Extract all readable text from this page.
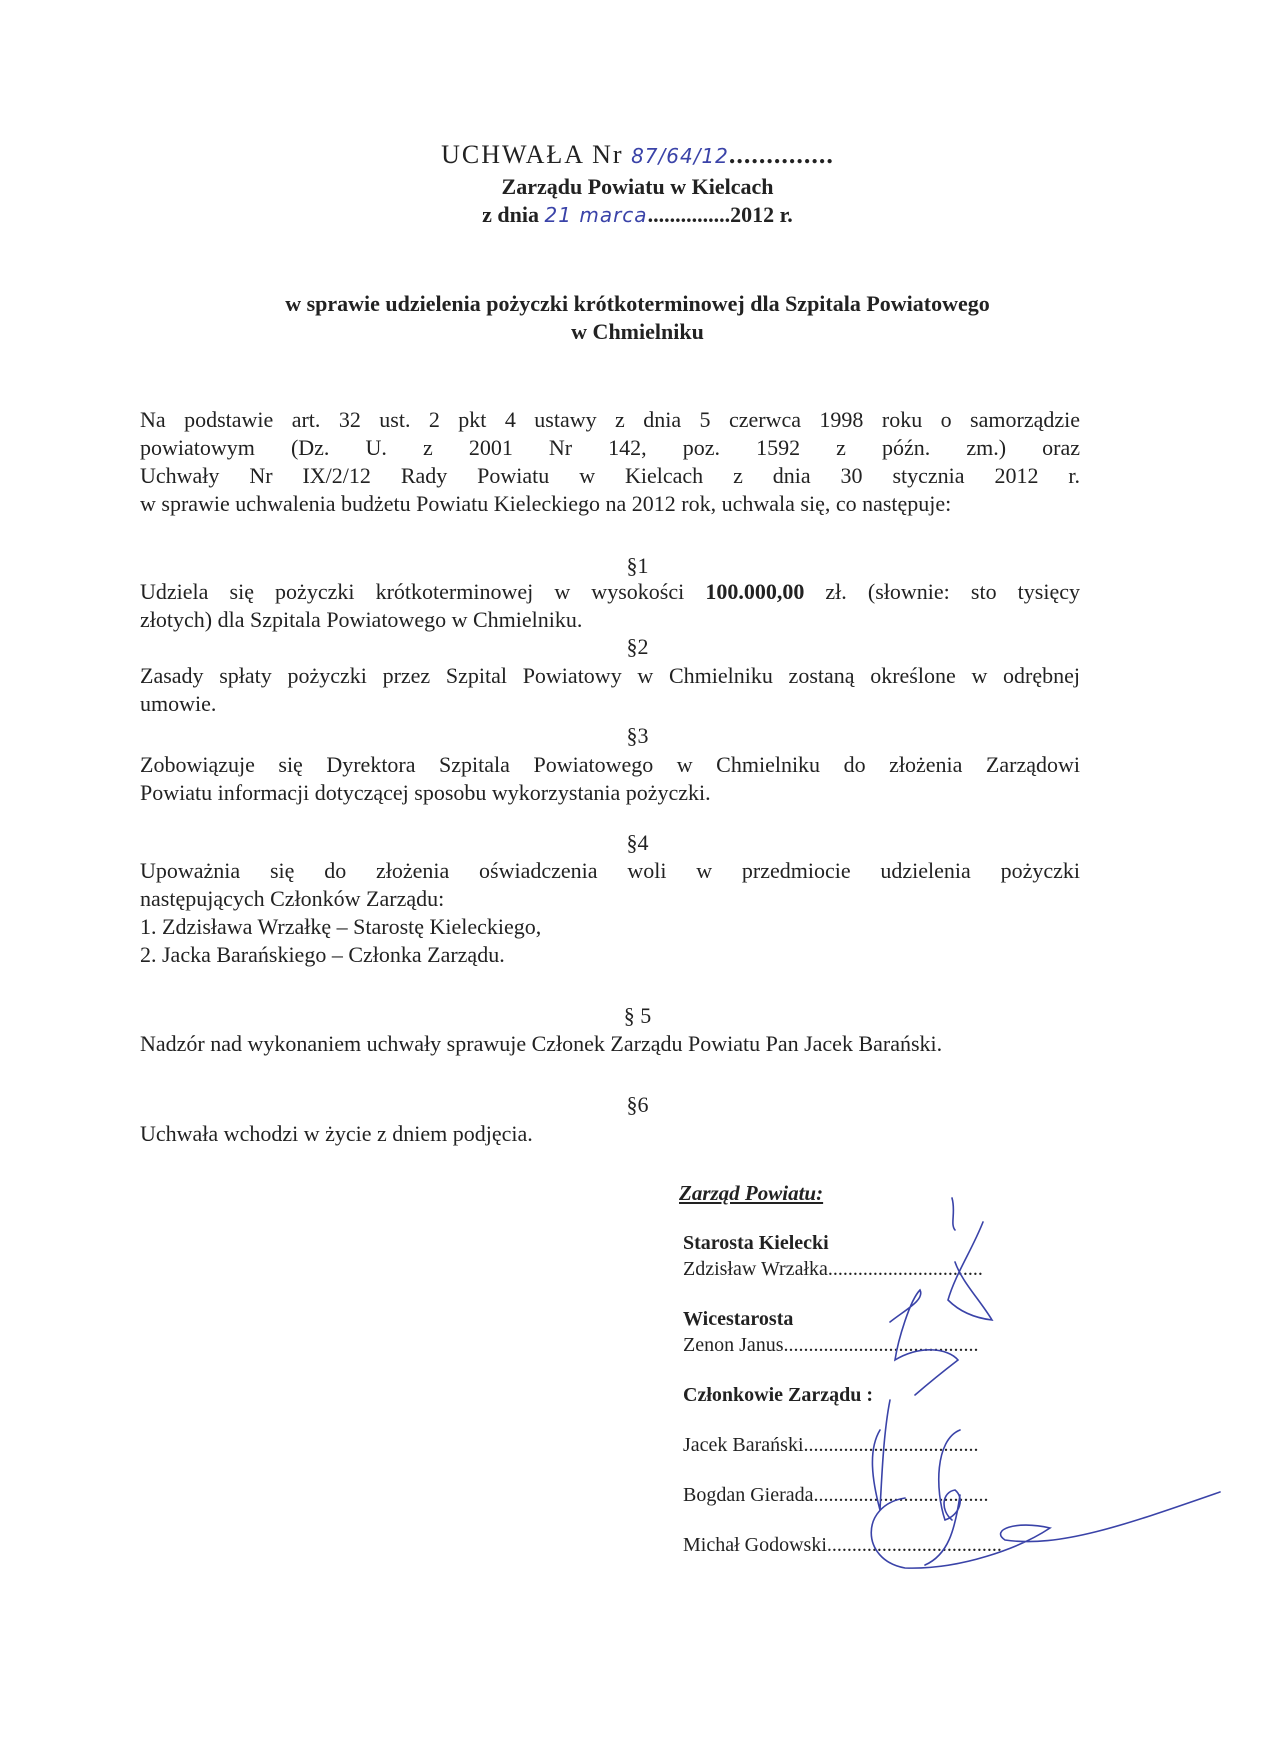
UCHWAŁA Nr 87/64/12..............
Zarządu Powiatu w Kielcach
z dnia 21 marca...............2012 r.
w sprawie udzielenia pożyczki krótkoterminowej dla Szpitala Powiatowego
w Chmielniku
Na podstawie art. 32 ust. 2 pkt 4 ustawy z dnia 5 czerwca 1998 roku o samorządzie
powiatowym (Dz. U. z 2001 Nr 142, poz. 1592 z późn. zm.) oraz
Uchwały Nr IX/2/12 Rady Powiatu w Kielcach z dnia 30 stycznia 2012 r.
w sprawie uchwalenia budżetu Powiatu Kieleckiego na 2012 rok, uchwala się, co następuje:
§1
Udziela się pożyczki krótkoterminowej w wysokości 100.000,00 zł. (słownie: sto tysięcy
złotych) dla Szpitala Powiatowego w Chmielniku.
§2
Zasady spłaty pożyczki przez Szpital Powiatowy w Chmielniku zostaną określone w odrębnej
umowie.
§3
Zobowiązuje się Dyrektora Szpitala Powiatowego w Chmielniku do złożenia Zarządowi
Powiatu informacji dotyczącej sposobu wykorzystania pożyczki.
§4
Upoważnia się do złożenia oświadczenia woli w przedmiocie udzielenia pożyczki
następujących Członków Zarządu:
1. Zdzisława Wrzałkę – Starostę Kieleckiego,
2. Jacka Barańskiego – Członka Zarządu.
§ 5
Nadzór nad wykonaniem uchwały sprawuje Członek Zarządu Powiatu Pan Jacek Barański.
§6
Uchwała wchodzi w życie z dniem podjęcia.
Zarząd Powiatu:
Starosta Kielecki
Zdzisław Wrzałka...............................
Wicestarosta
Zenon Janus.......................................
Członkowie Zarządu :
Jacek Barański...................................
Bogdan Gierada...................................
Michał Godowski...................................
